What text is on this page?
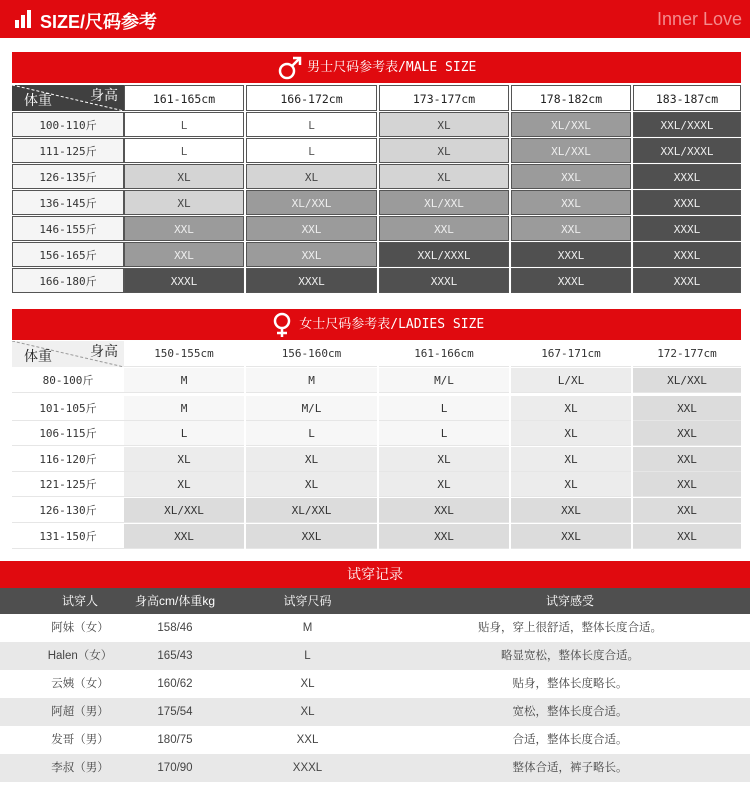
SIZE/尺码参考	Inner Love
男士尺码参考表/MALE SIZE
身高
体重	161-165cm	166-172cm	173-177cm	178-182cm	183-187cm
100-110斤	L	L	XL	XL/XXL	XXL/XXXL
111-125斤	L	L	XL	XL/XXL	XXL/XXXL
126-135斤	XL	XL	XL	XXL	XXXL
136-145斤	XL	XL/XXL	XL/XXL	XXL	XXXL
146-155斤	XXL	XXL	XXL	XXL	XXXL
156-165斤	XXL	XXL	XXL/XXXL	XXXL	XXXL
166-180斤	XXXL	XXXL	XXXL	XXXL	XXXL
女士尺码参考表/LADIES SIZE
身高
体重	150-155cm	156-160cm	161-166cm	167-171cm	172-177cm
80-100斤	M	M	M/L	L/XL	XL/XXL
101-105斤	M	M/L	L	XL	XXL
106-115斤	L	L	L	XL	XXL
116-120斤	XL	XL	XL	XL	XXL
121-125斤	XL	XL	XL	XL	XXL
126-130斤	XL/XXL	XL/XXL	XXL	XXL	XXL
131-150斤	XXL	XXL	XXL	XXL	XXL
试穿记录
试穿人	身高cm/体重kg	试穿尺码	试穿感受
阿妹（女）	158/46	M	贴身，穿上很舒适，整体长度合适。
Halen（女）	165/43	L	略显宽松，整体长度合适。
云姨（女）	160/62	XL	贴身，整体长度略长。
阿超（男）	175/54	XL	宽松，整体长度合适。
发哥（男）	180/75	XXL	合适，整体长度合适。
李叔（男）	170/90	XXXL	整体合适，裤子略长。
